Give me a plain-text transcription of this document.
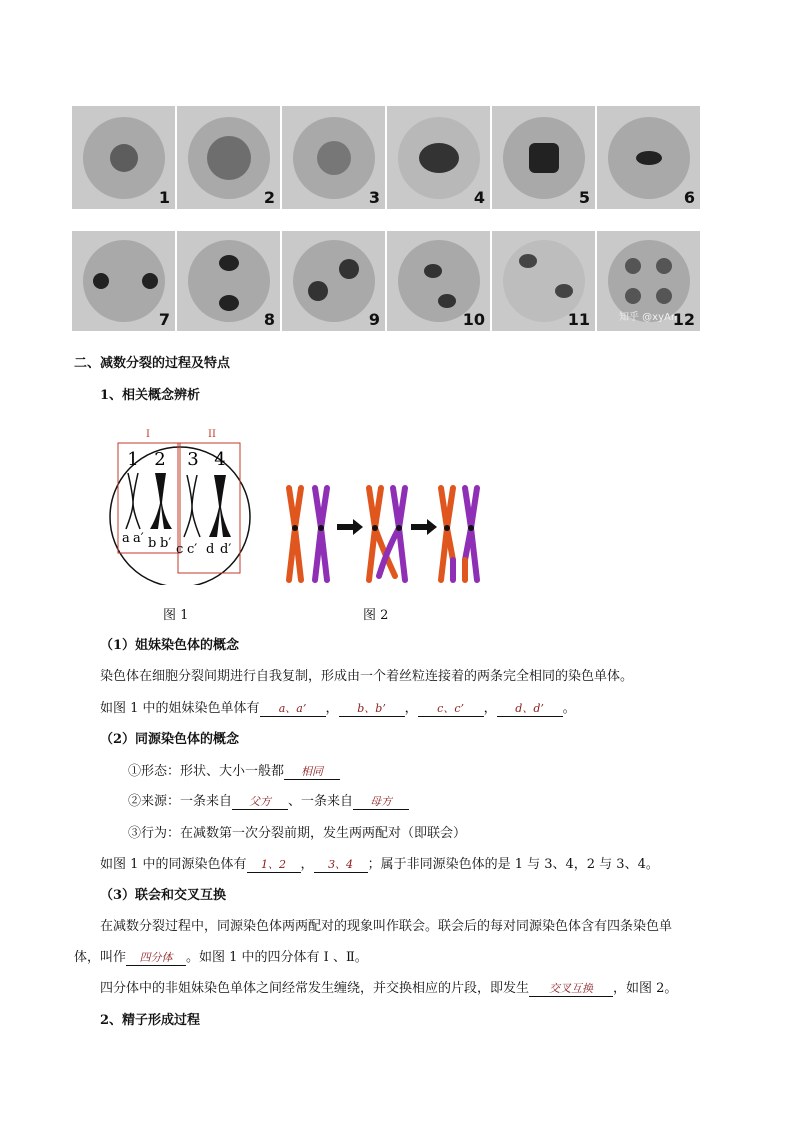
1	2	3	4	5	6
7	8	9	10	11	知乎 @xyAm
12
二、减数分裂的过程及特点
1、相关概念辨析
I	II
1 2 3 4
a a′ b b′ c c′ d d′
图 1	图 2
（1）姐妹染色体的概念
染色体在细胞分裂间期进行自我复制，形成由一个着丝粒连接着的两条完全相同的染色单体。
如图 1 中的姐妹染色单体有 a、a’ ， b、b’ ， c、c’ ， d、d’ 。
（2）同源染色体的概念
①形态：形状、大小一般都 相同
②来源：一条来自 父方 、一条来自 母方
③行为：在减数第一次分裂前期，发生两两配对（即联会）
如图 1 中的同源染色体有 1、2 ， 3、4 ；属于非同源染色体的是 1 与 3、4，2 与 3、4。
（3）联会和交叉互换
在减数分裂过程中，同源染色体两两配对的现象叫作联会。联会后的每对同源染色体含有四条染色单
体，叫作 四分体 。如图 1 中的四分体有 Ⅰ 、Ⅱ。
四分体中的非姐妹染色单体之间经常发生缠绕，并交换相应的片段，即发生 交叉互换 ，如图 2。
2、精子形成过程
